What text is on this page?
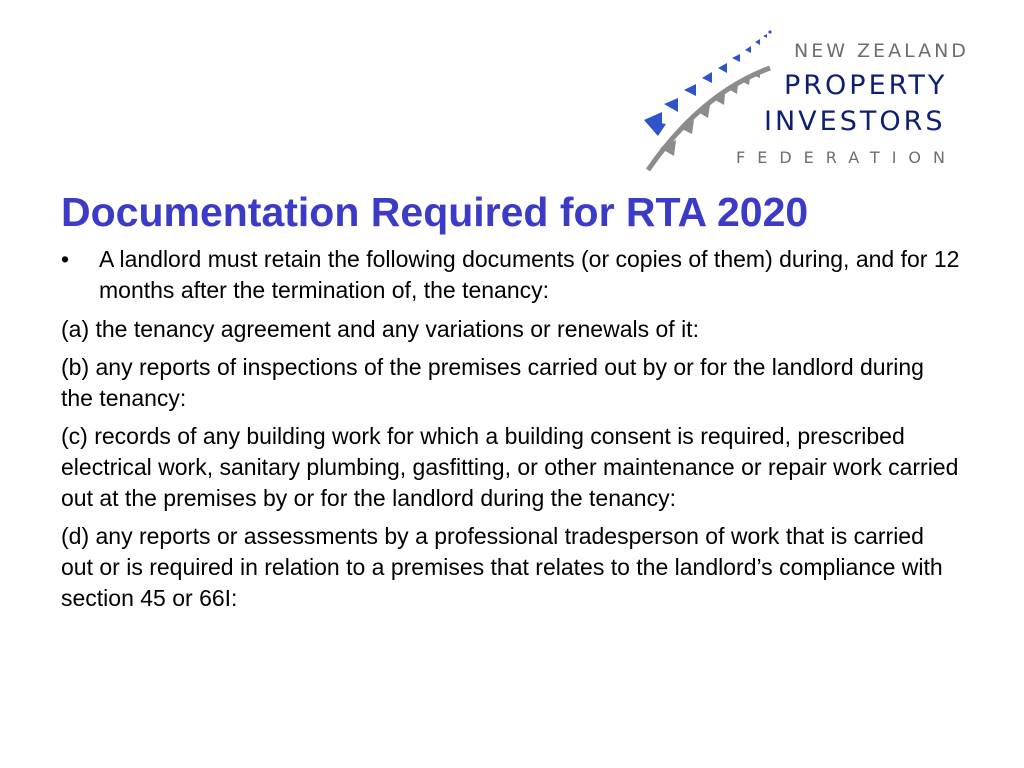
NEW ZEALAND
PROPERTY
INVESTORS
FEDERATION
Documentation Required for RTA 2020
•	A landlord must retain the following documents (or copies of them) during, and for 12 months after the termination of, the tenancy:

(a) the tenancy agreement and any variations or renewals of it:

(b) any reports of inspections of the premises carried out by or for the landlord during the tenancy:

(c) records of any building work for which a building consent is required, prescribed electrical work, sanitary plumbing, gasfitting, or other maintenance or repair work carried out at the premises by or for the landlord during the tenancy:

(d) any reports or assessments by a professional tradesperson of work that is carried out or is required in relation to a premises that relates to the landlord’s compliance with section 45 or 66I:
